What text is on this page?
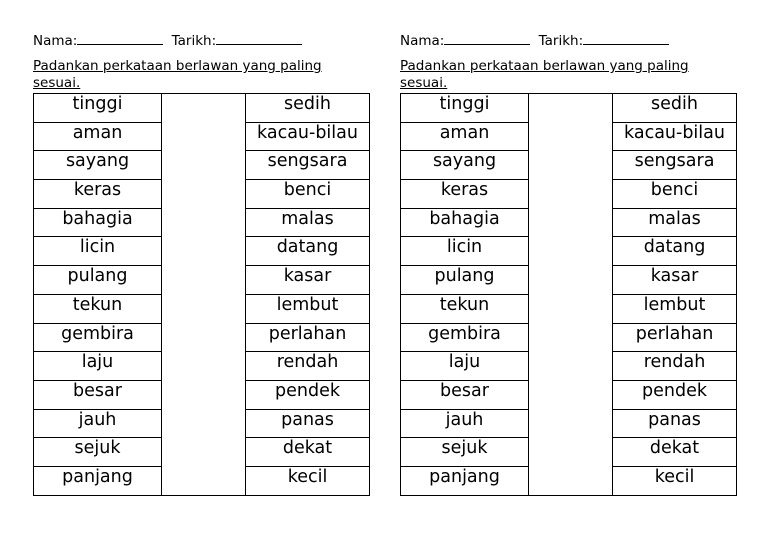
Nama:	Tarikh:
Padankan perkataan berlawan yang paling sesuai.
tinggi		sedih
aman		kacau-bilau
sayang		sengsara
keras		benci
bahagia		malas
licin		datang
pulang		kasar
tekun		lembut
gembira		perlahan
laju		rendah
besar		pendek
jauh		panas
sejuk		dekat
panjang		kecil
Nama:	Tarikh:
Padankan perkataan berlawan yang paling sesuai.
tinggi		sedih
aman		kacau-bilau
sayang		sengsara
keras		benci
bahagia		malas
licin		datang
pulang		kasar
tekun		lembut
gembira		perlahan
laju		rendah
besar		pendek
jauh		panas
sejuk		dekat
panjang		kecil
